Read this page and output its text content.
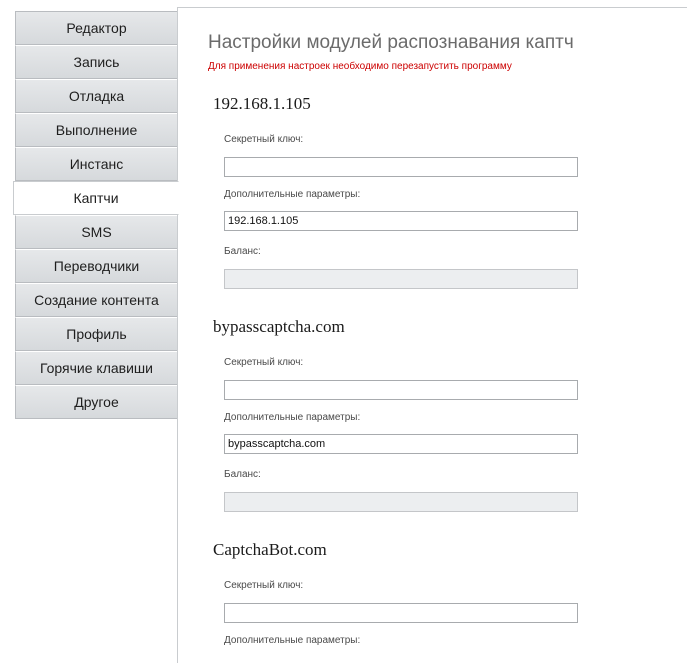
Редактор
Запись
Отладка
Выполнение
Инстанс
Каптчи
SMS
Переводчики
Создание контента
Профиль
Горячие клавиши
Другое
Настройки модулей распознавания каптч
Для применения настроек необходимо перезапустить программу
192.168.1.105
Секретный ключ:
Дополнительные параметры:
192.168.1.105
Баланс:
bypasscaptcha.com
Секретный ключ:
Дополнительные параметры:
bypasscaptcha.com
Баланс:
CaptchaBot.com
Секретный ключ:
Дополнительные параметры:
